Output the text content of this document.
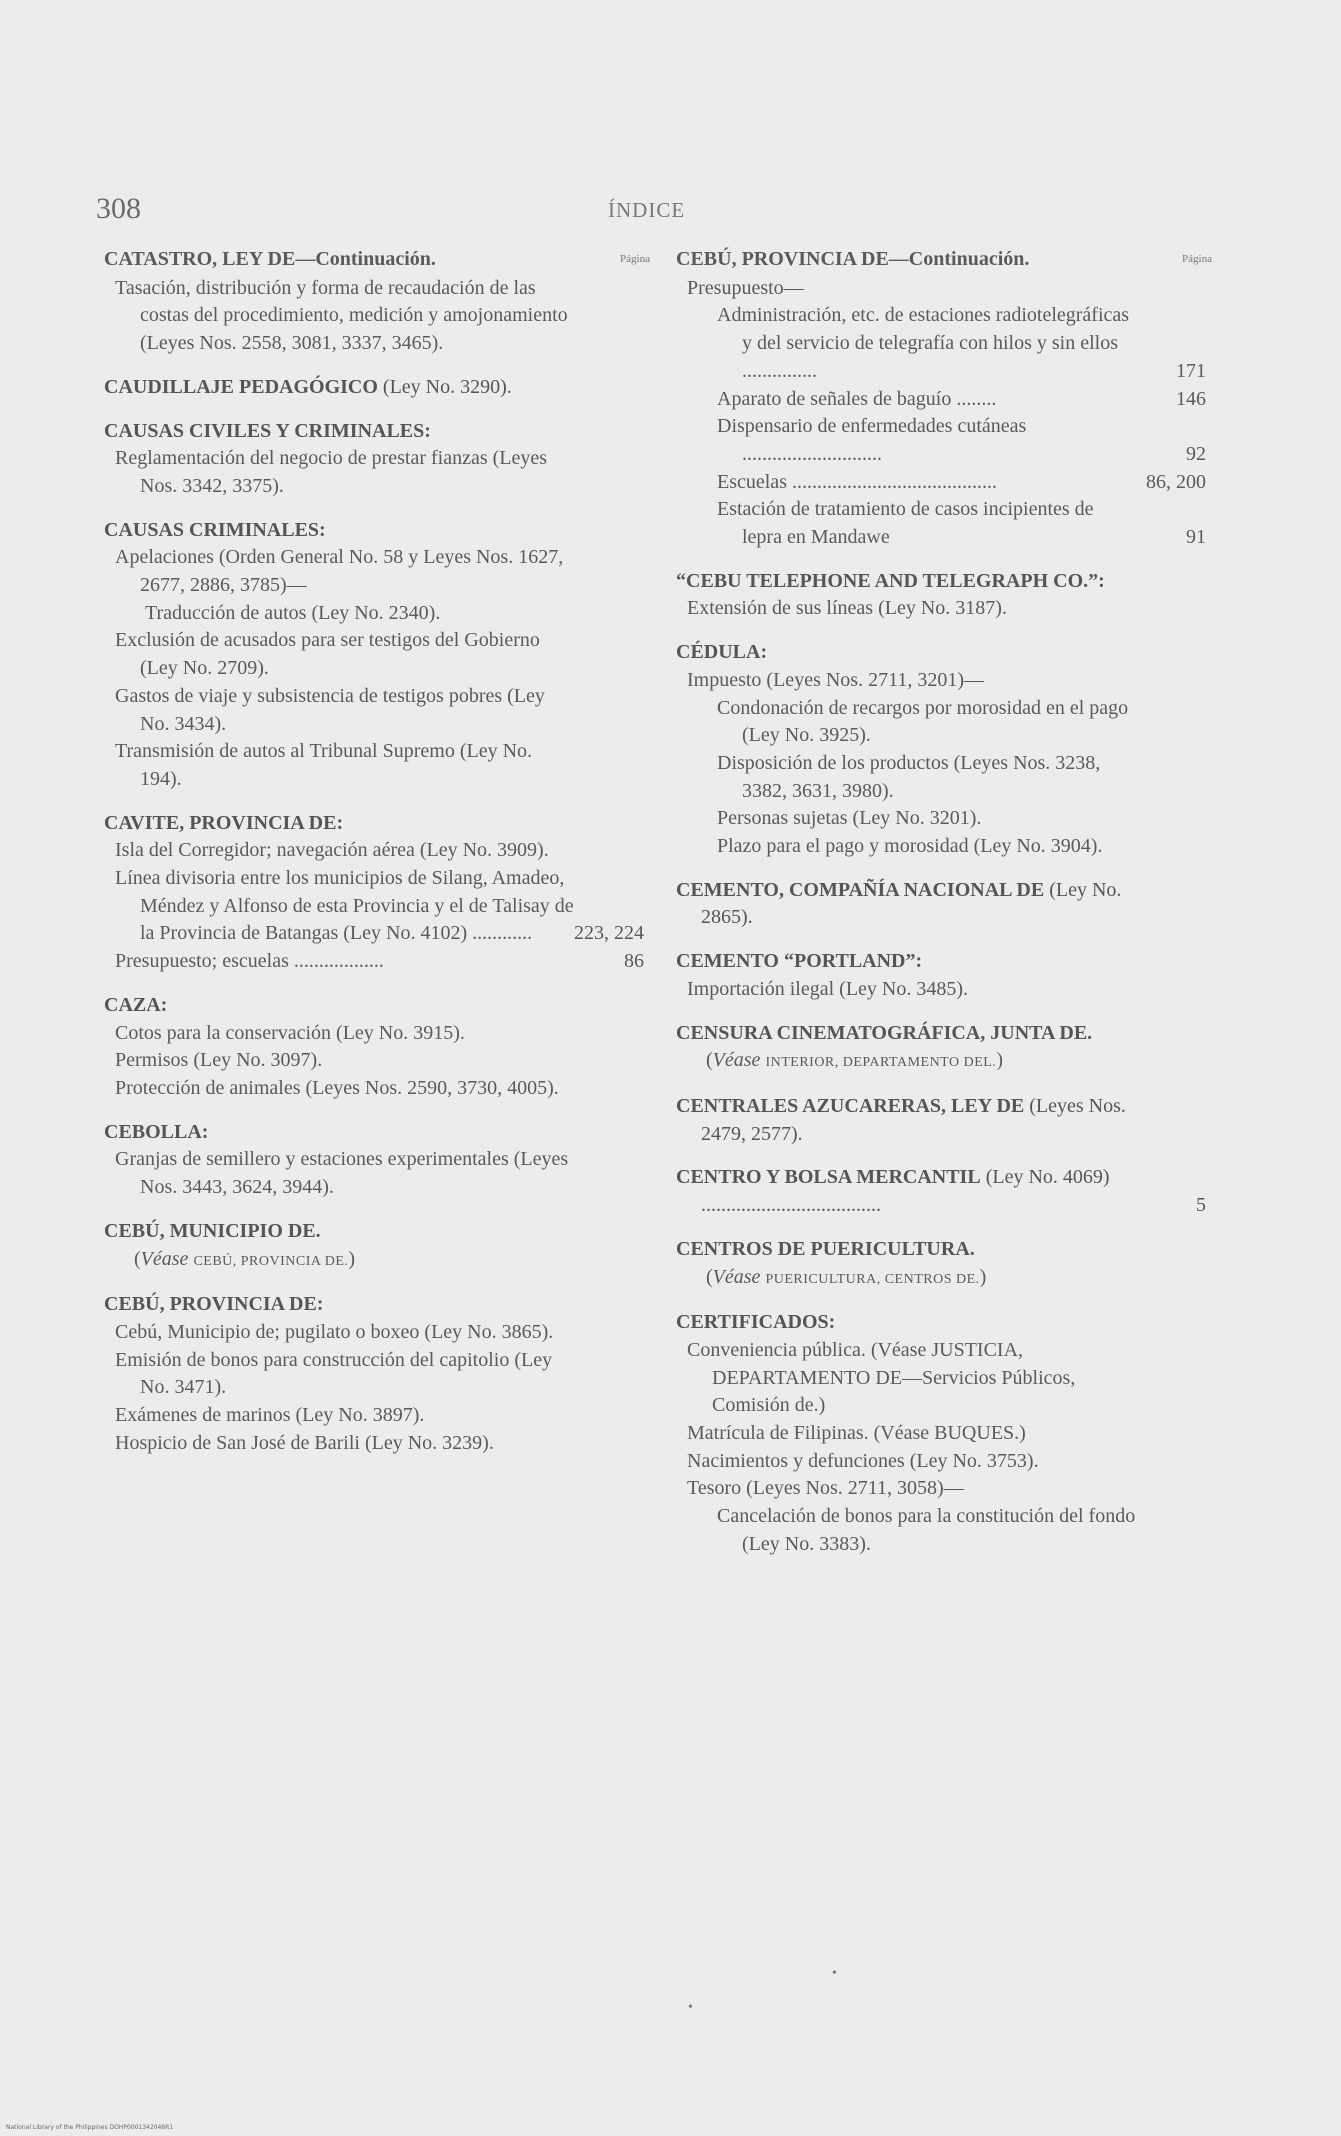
308	ÍNDICE
CATASTRO, LEY DE—Continuación.	Página
Tasación, distribución y forma de recaudación de las costas del procedimiento, medición y amojonamiento (Leyes Nos. 2558, 3081, 3337, 3465).
CAUDILLAJE PEDAGÓGICO (Ley No. 3290).
CAUSAS CIVILES Y CRIMINALES:
Reglamentación del negocio de prestar fianzas (Leyes Nos. 3342, 3375).
CAUSAS CRIMINALES:
Apelaciones (Orden General No. 58 y Leyes Nos. 1627, 2677, 2886, 3785)—
Traducción de autos (Ley No. 2340).
Exclusión de acusados para ser testigos del Gobierno (Ley No. 2709).
Gastos de viaje y subsistencia de testigos pobres (Ley No. 3434).
Transmisión de autos al Tribunal Supremo (Ley No. 194).
CAVITE, PROVINCIA DE:
Isla del Corregidor; navegación aérea (Ley No. 3909).
Línea divisoria entre los municipios de Silang, Amadeo, Méndez y Alfonso de esta Provincia y el de Talisay de la Provincia de Batangas (Ley No. 4102) ............ 223, 224
Presupuesto; escuelas ..................	86
CAZA:
Cotos para la conservación (Ley No. 3915).
Permisos (Ley No. 3097).
Protección de animales (Leyes Nos. 2590, 3730, 4005).
CEBOLLA:
Granjas de semillero y estaciones experimentales (Leyes Nos. 3443, 3624, 3944).
CEBÚ, MUNICIPIO DE.
(Véase CEBÚ, PROVINCIA DE.)
CEBÚ, PROVINCIA DE:
Cebú, Municipio de; pugilato o boxeo (Ley No. 3865).
Emisión de bonos para construcción del capitolio (Ley No. 3471).
Exámenes de marinos (Ley No. 3897).
Hospicio de San José de Barili (Ley No. 3239).
CEBÚ, PROVINCIA DE—Continuación.	Página
Presupuesto—
Administración, etc. de estaciones radiotelegráficas y del servicio de telegrafía con hilos y sin ellos ...............	171
Aparato de señales de baguío ........	146
Dispensario de enfermedades cutáneas ............................	92
Escuelas .........................................	86, 200
Estación de tratamiento de casos incipientes de lepra en Mandawe	91
“CEBU TELEPHONE AND TELEGRAPH CO.”:
Extensión de sus líneas (Ley No. 3187).
CÉDULA:
Impuesto (Leyes Nos. 2711, 3201)—
Condonación de recargos por morosidad en el pago (Ley No. 3925).
Disposición de los productos (Leyes Nos. 3238, 3382, 3631, 3980).
Personas sujetas (Ley No. 3201).
Plazo para el pago y morosidad (Ley No. 3904).
CEMENTO, COMPAÑÍA NACIONAL DE (Ley No. 2865).
CEMENTO “PORTLAND”:
Importación ilegal (Ley No. 3485).
CENSURA CINEMATOGRÁFICA, JUNTA DE.
(Véase INTERIOR, DEPARTAMENTO DEL.)
CENTRALES AZUCARERAS, LEY DE (Leyes Nos. 2479, 2577).
CENTRO Y BOLSA MERCANTIL (Ley No. 4069) ....................................	5
CENTROS DE PUERICULTURA.
(Véase PUERICULTURA, CENTROS DE.)
CERTIFICADOS:
Conveniencia pública. (Véase JUSTICIA, DEPARTAMENTO DE—Servicios Públicos, Comisión de.)
Matrícula de Filipinas. (Véase BUQUES.)
Nacimientos y defunciones (Ley No. 3753).
Tesoro (Leyes Nos. 2711, 3058)—
Cancelación de bonos para la constitución del fondo (Ley No. 3383).
•
•
National Library of the Philippines DOHP0001342048R1
